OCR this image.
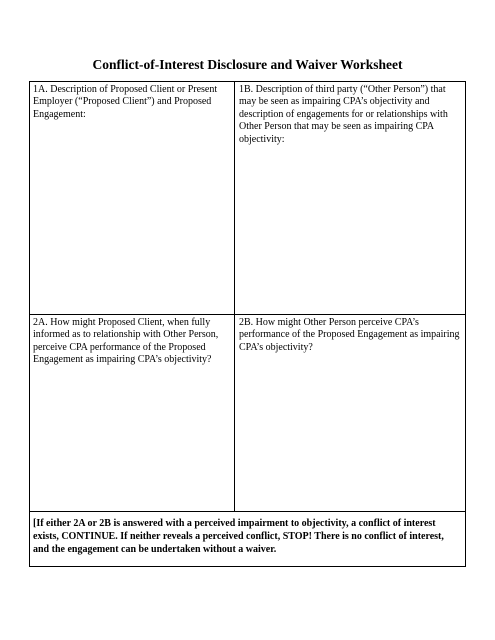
Conflict-of-Interest Disclosure and Waiver Worksheet
1A. Description of Proposed Client or Present Employer (“Proposed Client”) and Proposed Engagement:
1B. Description of third party (“Other Person”) that may be seen as impairing CPA’s objectivity and description of engagements for or relationships with Other Person that may be seen as impairing CPA objectivity:
2A. How might Proposed Client, when fully informed as to relationship with Other Person, perceive CPA performance of the Proposed Engagement as impairing CPA’s objectivity?
2B. How might Other Person perceive CPA’s performance of the Proposed Engagement as impairing CPA’s objectivity?
[If either 2A or 2B is answered with a perceived impairment to objectivity, a conflict of interest exists, CONTINUE. If neither reveals a perceived conflict, STOP! There is no conflict of interest, and the engagement can be undertaken without a waiver.
